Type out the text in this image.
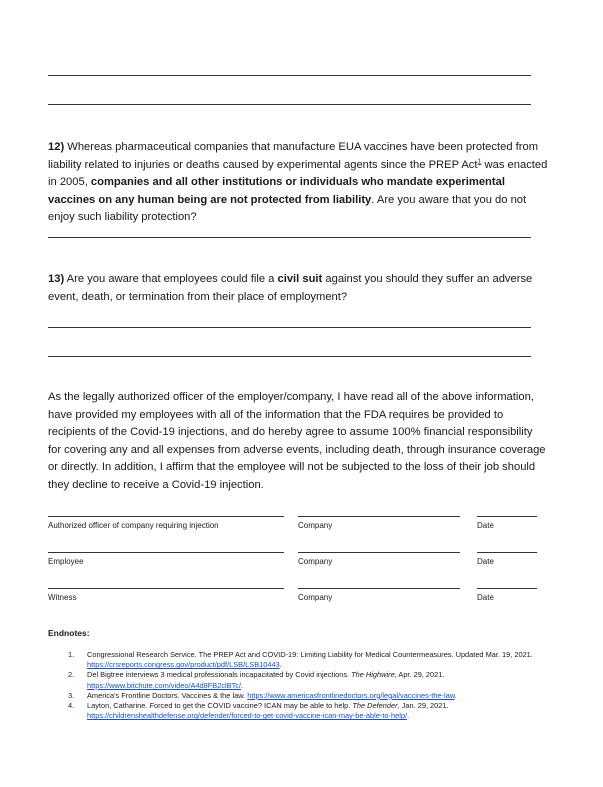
12) Whereas pharmaceutical companies that manufacture EUA vaccines have been protected from liability related to injuries or deaths caused by experimental agents since the PREP Act$^1$ was enacted in 2005, companies and all other institutions or individuals who mandate experimental vaccines on any human being are not protected from liability. Are you aware that you do not enjoy such liability protection?
13) Are you aware that employees could file a civil suit against you should they suffer an adverse event, death, or termination from their place of employment?
As the legally authorized officer of the employer/company, I have read all of the above information, have provided my employees with all of the information that the FDA requires be provided to recipients of the Covid-19 injections, and do hereby agree to assume 100% financial responsibility for covering any and all expenses from adverse events, including death, through insurance coverage or directly. In addition, I affirm that the employee will not be subjected to the loss of their job should they decline to receive a Covid-19 injection.
Authorized officer of company requiring injection	Company	Date
Employee	Company	Date
Witness	Company	Date
Endnotes:
1. Congressional Research Service. The PREP Act and COVID-19: Limiting Liability for Medical Countermeasures. Updated Mar. 19, 2021. https://crsreports.congress.gov/product/pdf/LSB/LSB10443.
2. Del Bigtree interviews 3 medical professionals incapacitated by Covid injections. The Highwire, Apr. 29, 2021.
https://www.bitchute.com/video/A4d8FB2clBTc/.
3. America's Frontline Doctors. Vaccines & the law. https://www.americasfrontlinedoctors.org/legal/vaccines-the-law.
4. Layton, Catharine. Forced to get the COVID vaccine? ICAN may be able to help. The Defender, Jan. 29, 2021.
https://childrenshealthdefense.org/defender/forced-to-get-covid-vaccine-ican-may-be-able-to-help/.
